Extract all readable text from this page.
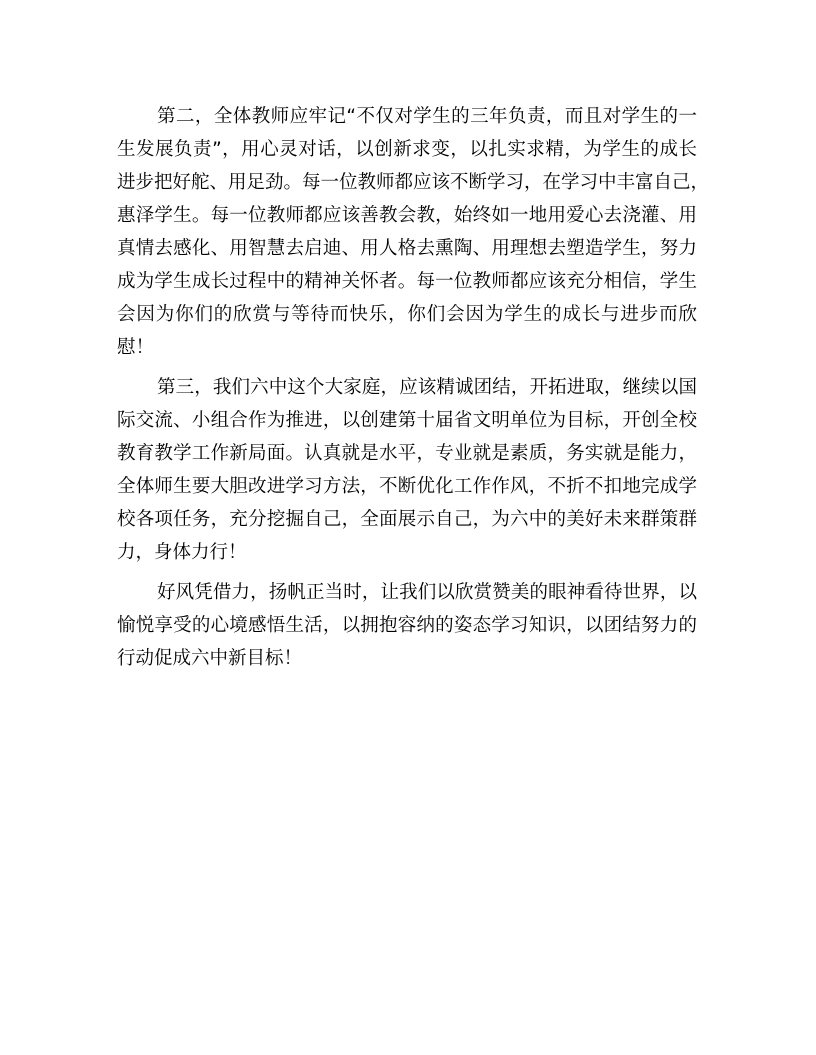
第二，全体教师应牢记“不仅对学生的三年负责，而且对学生的一
生发展负责”，用心灵对话，以创新求变，以扎实求精，为学生的成长
进步把好舵、用足劲。每一位教师都应该不断学习，在学习中丰富自己，
惠泽学生。每一位教师都应该善教会教，始终如一地用爱心去浇灌、用
真情去感化、用智慧去启迪、用人格去熏陶、用理想去塑造学生，努力
成为学生成长过程中的精神关怀者。每一位教师都应该充分相信，学生
会因为你们的欣赏与等待而快乐，你们会因为学生的成长与进步而欣
慰！
第三，我们六中这个大家庭，应该精诚团结，开拓进取，继续以国
际交流、小组合作为推进，以创建第十届省文明单位为目标，开创全校
教育教学工作新局面。认真就是水平，专业就是素质，务实就是能力，
全体师生要大胆改进学习方法，不断优化工作作风，不折不扣地完成学
校各项任务，充分挖掘自己，全面展示自己，为六中的美好未来群策群
力，身体力行！
好风凭借力，扬帆正当时，让我们以欣赏赞美的眼神看待世界，以
愉悦享受的心境感悟生活，以拥抱容纳的姿态学习知识，以团结努力的
行动促成六中新目标！
